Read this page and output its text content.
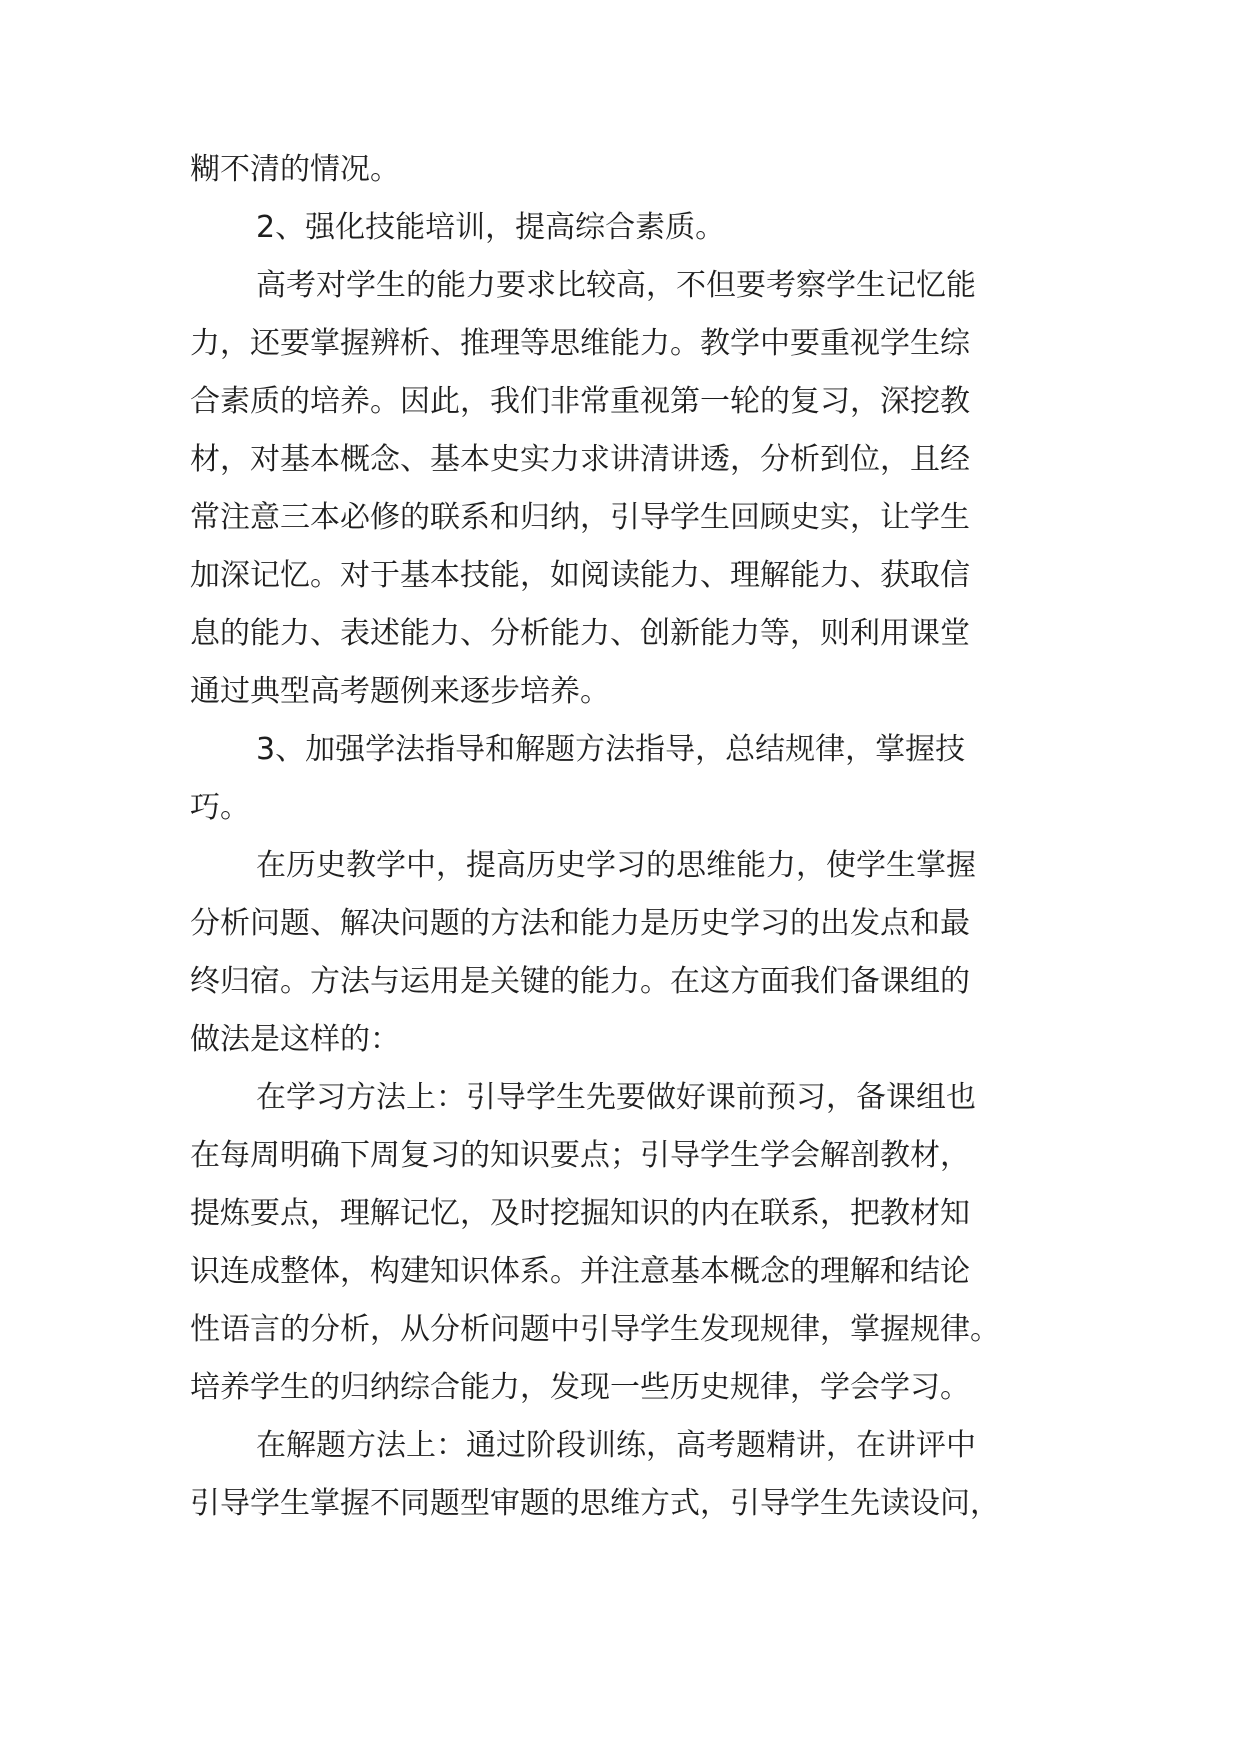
糊不清的情况。
2、强化技能培训，提高综合素质。
高考对学生的能力要求比较高，不但要考察学生记忆能
力，还要掌握辨析、推理等思维能力。教学中要重视学生综
合素质的培养。因此，我们非常重视第一轮的复习，深挖教
材，对基本概念、基本史实力求讲清讲透，分析到位，且经
常注意三本必修的联系和归纳，引导学生回顾史实，让学生
加深记忆。对于基本技能，如阅读能力、理解能力、获取信
息的能力、表述能力、分析能力、创新能力等，则利用课堂
通过典型高考题例来逐步培养。
3、加强学法指导和解题方法指导，总结规律，掌握技
巧。
在历史教学中，提高历史学习的思维能力，使学生掌握
分析问题、解决问题的方法和能力是历史学习的出发点和最
终归宿。方法与运用是关键的能力。在这方面我们备课组的
做法是这样的：
在学习方法上：引导学生先要做好课前预习，备课组也
在每周明确下周复习的知识要点；引导学生学会解剖教材，
提炼要点，理解记忆，及时挖掘知识的内在联系，把教材知
识连成整体，构建知识体系。并注意基本概念的理解和结论
性语言的分析，从分析问题中引导学生发现规律，掌握规律。
培养学生的归纳综合能力，发现一些历史规律，学会学习。
在解题方法上：通过阶段训练，高考题精讲，在讲评中
引导学生掌握不同题型审题的思维方式，引导学生先读设问，
